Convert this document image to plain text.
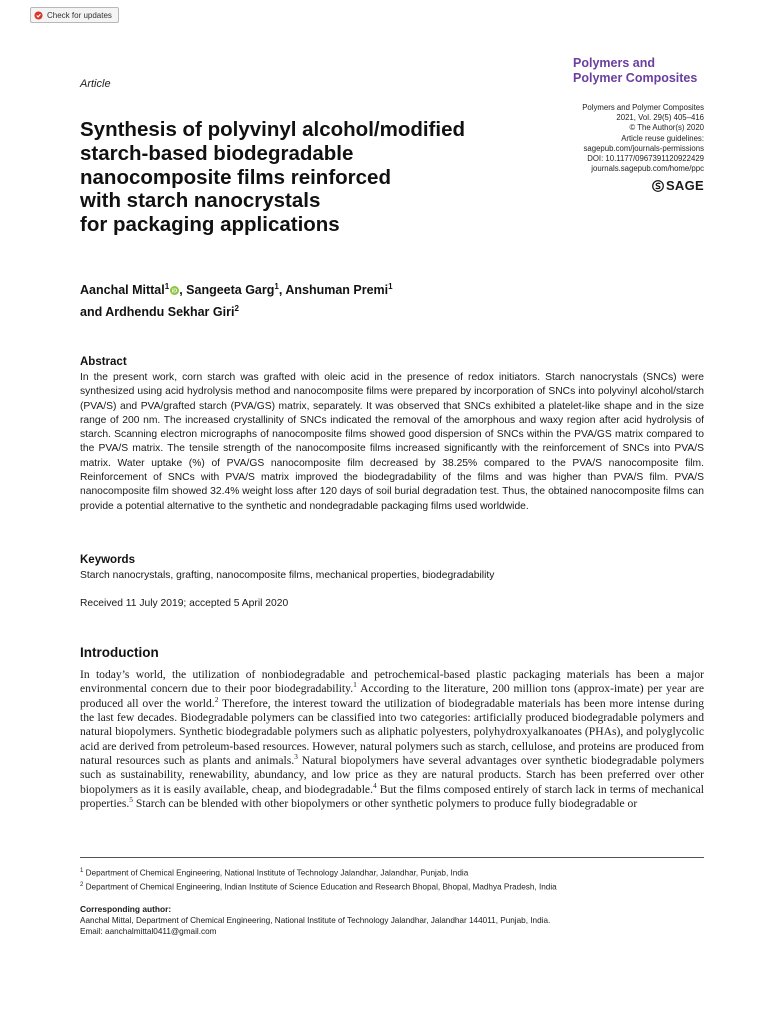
Check for updates
Polymers and
Polymer Composites
Article
Polymers and Polymer Composites
2021, Vol. 29(5) 405–416
© The Author(s) 2020
Article reuse guidelines:
sagepub.com/journals-permissions
DOI: 10.1177/0967391120922429
journals.sagepub.com/home/ppc
SAGE
Synthesis of polyvinyl alcohol/modified
starch-based biodegradable
nanocomposite films reinforced
with starch nanocrystals
for packaging applications
Aanchal Mittal$^1$
iD , Sangeeta Garg$^1$, Anshuman Premi$^1$
and Ardhendu Sekhar Giri$^2$
Abstract
In the present work, corn starch was grafted with oleic acid in the presence of redox initiators. Starch nanocrystals (SNCs) were synthesized using acid hydrolysis method and nanocomposite films were prepared by incorporation of SNCs into polyvinyl alcohol/starch (PVA/S) and PVA/grafted starch (PVA/GS) matrix, separately. It was observed that SNCs exhibited a platelet-like shape and in the size range of 200 nm. The increased crystallinity of SNCs indicated the removal of the amorphous and waxy region after acid hydrolysis of starch. Scanning electron micrographs of nanocomposite films showed good dispersion of SNCs within the PVA/GS matrix compared to the PVA/S matrix. The tensile strength of the nanocomposite films increased significantly with the reinforcement of SNCs into PVA/S matrix. Water uptake (%) of PVA/GS nanocomposite film decreased by 38.25% compared to the PVA/S nanocomposite film. Reinforcement of SNCs with PVA/S matrix improved the biodegradability of the films and was higher than PVA/S film. PVA/S nanocomposite film showed 32.4% weight loss after 120 days of soil burial degradation test. Thus, the obtained nanocomposite films can provide a potential alternative to the synthetic and nondegradable packaging films used worldwide.
Keywords
Starch nanocrystals, grafting, nanocomposite films, mechanical properties, biodegradability
Received 11 July 2019; accepted 5 April 2020
Introduction
In today’s world, the utilization of nonbiodegradable and petrochemical-based plastic packaging materials has been a major environmental concern due to their poor biodegradability.$^1$ According to the literature, 200 million tons (approx-imate) per year are produced all over the world.$^2$ Therefore, the interest toward the utilization of biodegradable materials has been more intense during the last few decades. Biodegradable polymers can be classified into two categories: artificially produced biodegradable polymers and natural biopolymers. Synthetic biodegradable polymers such as aliphatic polyesters, polyhydroxyalkanoates (PHAs), and polyglycolic acid are derived from petroleum-based resources. However, natural polymers such as starch, cellulose, and proteins are produced from natural resources such as plants and animals.$^3$ Natural biopolymers have several advantages over synthetic biodegradable polymers such as sustainability, renewability, abundancy, and low price as they are natural products. Starch has been preferred over other biopolymers as it is easily available, cheap, and biodegradable.$^4$ But the films composed entirely of starch lack in terms of mechanical properties.$^5$ Starch can be blended with other biopolymers or other synthetic polymers to produce fully biodegradable or
$^1$ Department of Chemical Engineering, National Institute of Technology Jalandhar, Jalandhar, Punjab, India
$^2$ Department of Chemical Engineering, Indian Institute of Science Education and Research Bhopal, Bhopal, Madhya Pradesh, India
Corresponding author:
Aanchal Mittal, Department of Chemical Engineering, National Institute of Technology Jalandhar, Jalandhar 144011, Punjab, India.
Email: aanchalmittal0411@gmail.com
